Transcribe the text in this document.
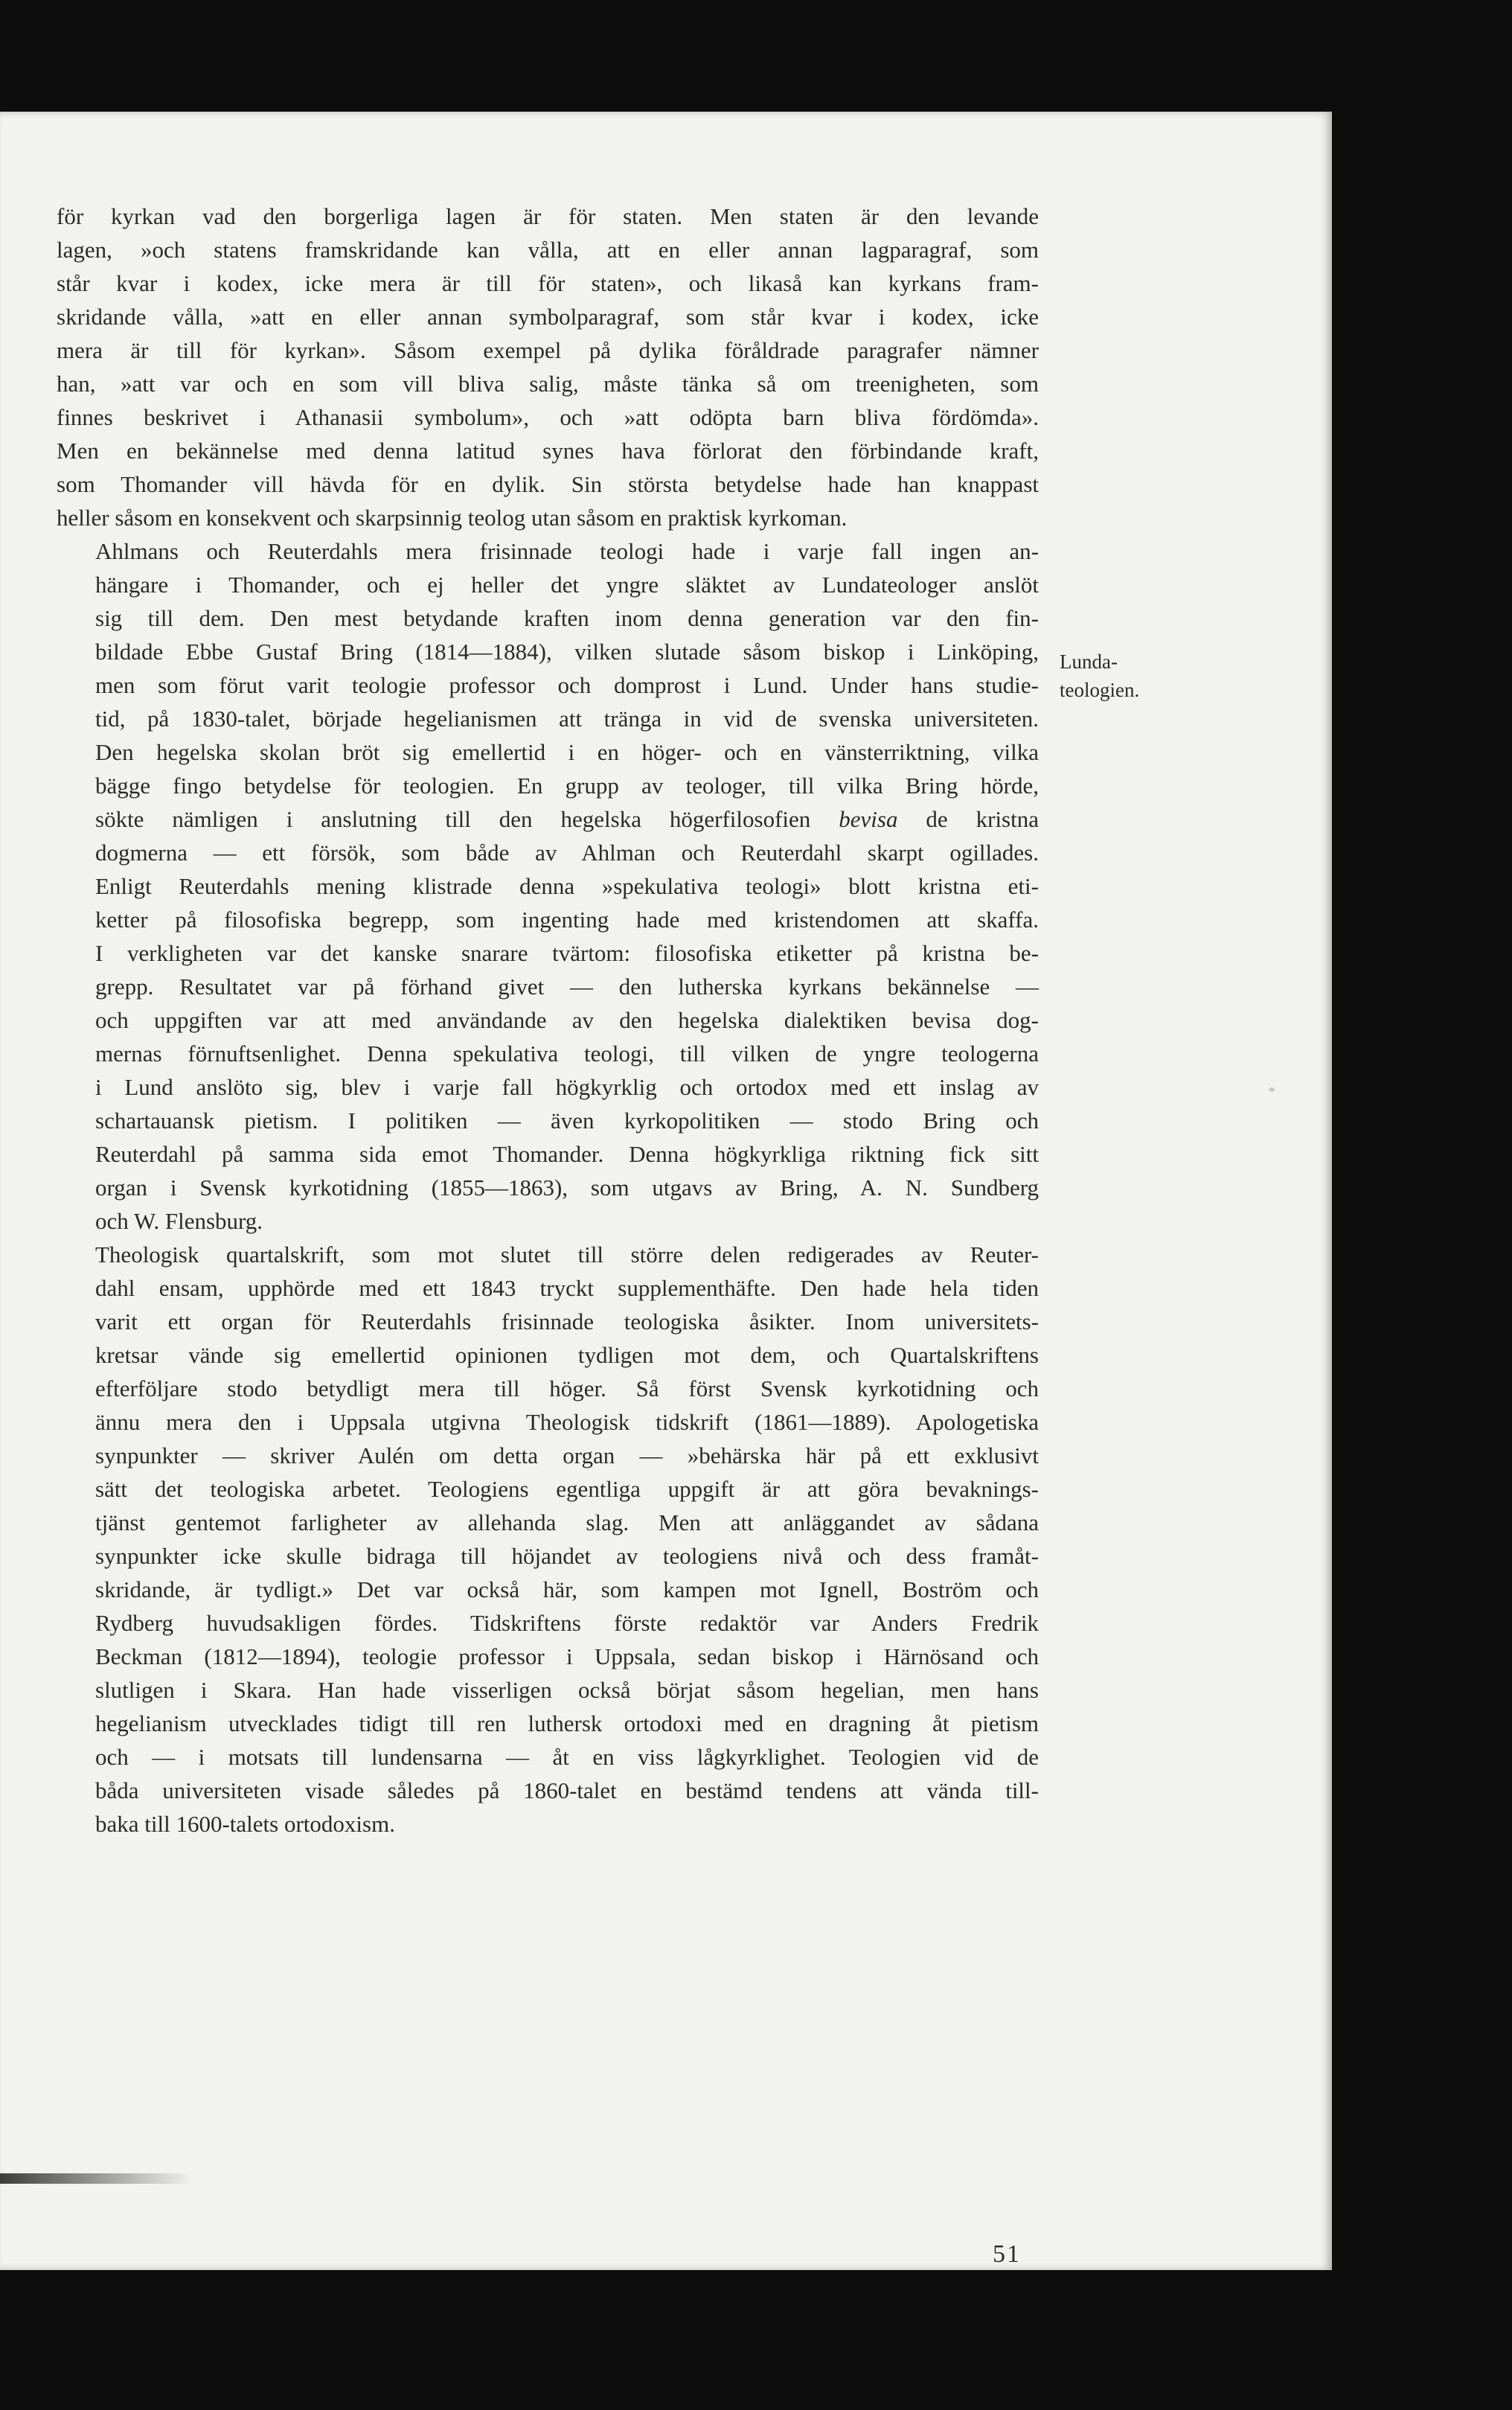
för kyrkan vad den borgerliga lagen är för staten. Men staten är den levande
lagen, »och statens framskridande kan vålla, att en eller annan lagparagraf, som
står kvar i kodex, icke mera är till för staten», och likaså kan kyrkans fram-
skridande vålla, »att en eller annan symbolparagraf, som står kvar i kodex, icke
mera är till för kyrkan». Såsom exempel på dylika föråldrade paragrafer nämner
han, »att var och en som vill bliva salig, måste tänka så om treenigheten, som
finnes beskrivet i Athanasii symbolum», och »att odöpta barn bliva fördömda».
Men en bekännelse med denna latitud synes hava förlorat den förbindande kraft,
som Thomander vill hävda för en dylik. Sin största betydelse hade han knappast
heller såsom en konsekvent och skarpsinnig teolog utan såsom en praktisk kyrkoman.

Ahlmans och Reuterdahls mera frisinnade teologi hade i varje fall ingen an-
hängare i Thomander, och ej heller det yngre släktet av Lundateologer anslöt
sig till dem. Den mest betydande kraften inom denna generation var den fin-
bildade Ebbe Gustaf Bring (1814—1884), vilken slutade såsom biskop i Linköping,
men som förut varit teologie professor och domprost i Lund. Under hans studie-
tid, på 1830-talet, började hegelianismen att tränga in vid de svenska universiteten.
Den hegelska skolan bröt sig emellertid i en höger- och en vänsterriktning, vilka
bägge fingo betydelse för teologien. En grupp av teologer, till vilka Bring hörde,
sökte nämligen i anslutning till den hegelska högerfilosofien bevisa de kristna
dogmerna — ett försök, som både av Ahlman och Reuterdahl skarpt ogillades.
Enligt Reuterdahls mening klistrade denna »spekulativa teologi» blott kristna eti-
ketter på filosofiska begrepp, som ingenting hade med kristendomen att skaffa.
I verkligheten var det kanske snarare tvärtom: filosofiska etiketter på kristna be-
grepp. Resultatet var på förhand givet — den lutherska kyrkans bekännelse —
och uppgiften var att med användande av den hegelska dialektiken bevisa dog-
mernas förnuftsenlighet. Denna spekulativa teologi, till vilken de yngre teologerna
i Lund anslöto sig, blev i varje fall högkyrklig och ortodox med ett inslag av
schartauansk pietism. I politiken — även kyrkopolitiken — stodo Bring och
Reuterdahl på samma sida emot Thomander. Denna högkyrkliga riktning fick sitt
organ i Svensk kyrkotidning (1855—1863), som utgavs av Bring, A. N. Sundberg
och W. Flensburg.

Theologisk quartalskrift, som mot slutet till större delen redigerades av Reuter-
dahl ensam, upphörde med ett 1843 tryckt supplementhäfte. Den hade hela tiden
varit ett organ för Reuterdahls frisinnade teologiska åsikter. Inom universitets-
kretsar vände sig emellertid opinionen tydligen mot dem, och Quartalskriftens
efterföljare stodo betydligt mera till höger. Så först Svensk kyrkotidning och
ännu mera den i Uppsala utgivna Theologisk tidskrift (1861—1889). Apologetiska
synpunkter — skriver Aulén om detta organ — »behärska här på ett exklusivt
sätt det teologiska arbetet. Teologiens egentliga uppgift är att göra bevaknings-
tjänst gentemot farligheter av allehanda slag. Men att anläggandet av sådana
synpunkter icke skulle bidraga till höjandet av teologiens nivå och dess framåt-
skridande, är tydligt.» Det var också här, som kampen mot Ignell, Boström och
Rydberg huvudsakligen fördes. Tidskriftens förste redaktör var Anders Fredrik
Beckman (1812—1894), teologie professor i Uppsala, sedan biskop i Härnösand och
slutligen i Skara. Han hade visserligen också börjat såsom hegelian, men hans
hegelianism utvecklades tidigt till ren luthersk ortodoxi med en dragning åt pietism
och — i motsats till lundensarna — åt en viss lågkyrklighet. Teologien vid de
båda universiteten visade således på 1860-talet en bestämd tendens att vända till-
baka till 1600-talets ortodoxism.

Lunda-
teologien.
51
